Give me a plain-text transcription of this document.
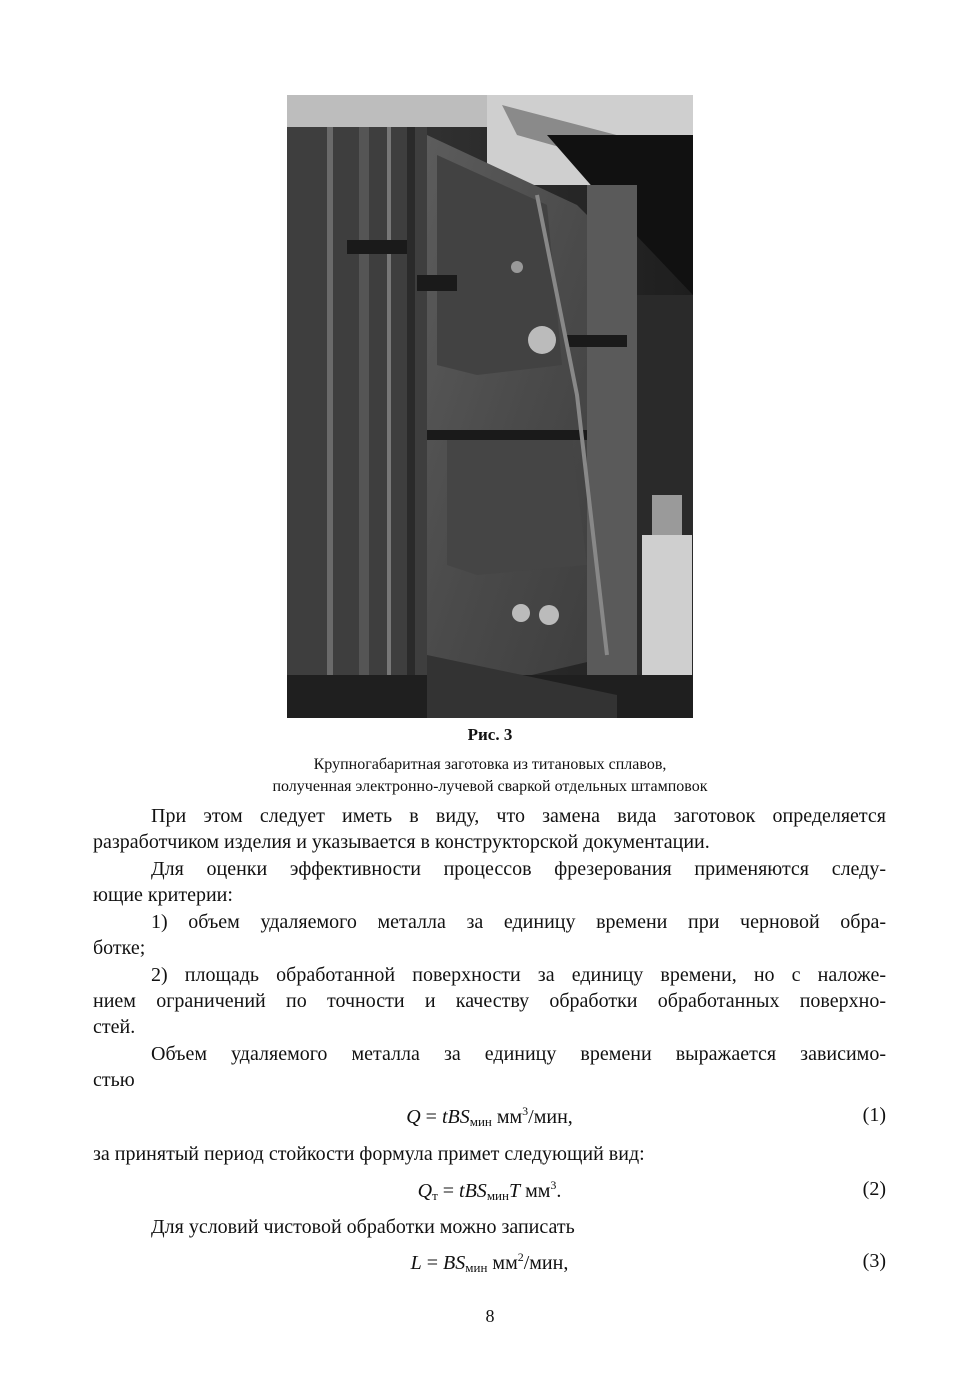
Рис. 3
Крупногабаритная заготовка из титановых сплавов,
полученная электронно-лучевой сваркой отдельных штамповок
При этом следует иметь в виду, что замена вида заготовок определяется
разработчиком изделия и указывается в конструкторской документации.
Для оценки эффективности процессов фрезерования применяются следу-
ющие критерии:
1) объем удаляемого металла за единицу времени при черновой обра-
ботке;
2) площадь обработанной поверхности за единицу времени, но с наложе-
нием ограничений по точности и качеству обработки обработанных поверхно-
стей.
Объем удаляемого металла за единицу времени выражается зависимо-
стью
Q = tBS$_{мин}$ $мм^3$/мин,	(1)
за принятый период стойкости формула примет следующий вид:
$Q_т = tBS_{мин}T$ $мм^3$.	(2)
Для условий чистовой обработки можно записать
$L = BS_{мин}$ $мм^2$/мин,	(3)
8
